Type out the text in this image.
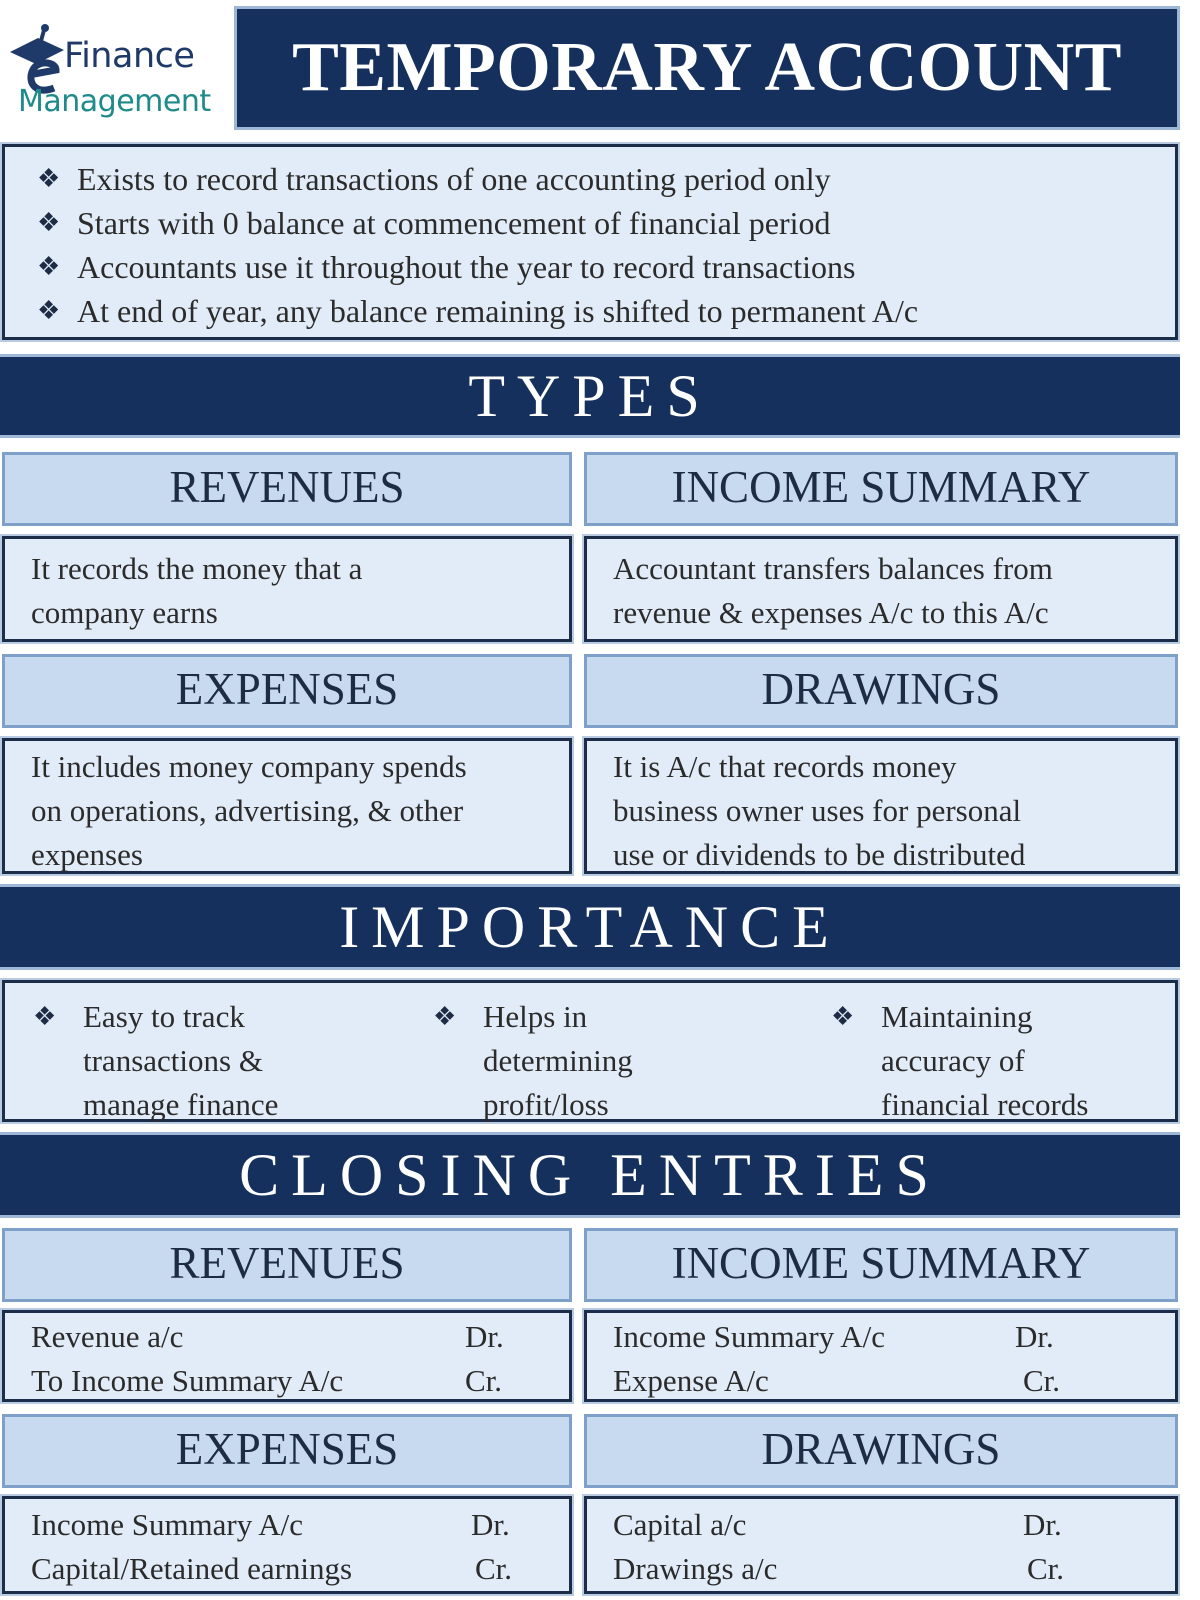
Finance
Management	TEMPORARY ACCOUNT
❖ Exists to record transactions of one accounting period only
❖ Starts with 0 balance at commencement of financial period
❖ Accountants use it throughout the year to record transactions
❖ At end of year, any balance remaining is shifted to permanent A/c
TYPES
REVENUES	INCOME SUMMARY
It records the money that a
company earns
Accountant transfers balances from
revenue & expenses A/c to this A/c
EXPENSES	DRAWINGS
It includes money company spends
on operations, advertising, & other
expenses
It is A/c that records money
business owner uses for personal
use or dividends to be distributed
IMPORTANCE
❖ Easy to track
transactions &
manage finance
❖ Helps in
determining
profit/loss
❖ Maintaining
accuracy of
financial records
CLOSING ENTRIES
REVENUES	INCOME SUMMARY
Revenue a/c	Dr.
To Income Summary A/c	Cr.
Income Summary A/c	Dr.
Expense A/c	Cr.
EXPENSES	DRAWINGS
Income Summary A/c	Dr.
Capital/Retained earnings	Cr.
Capital a/c	Dr.
Drawings a/c	Cr.
